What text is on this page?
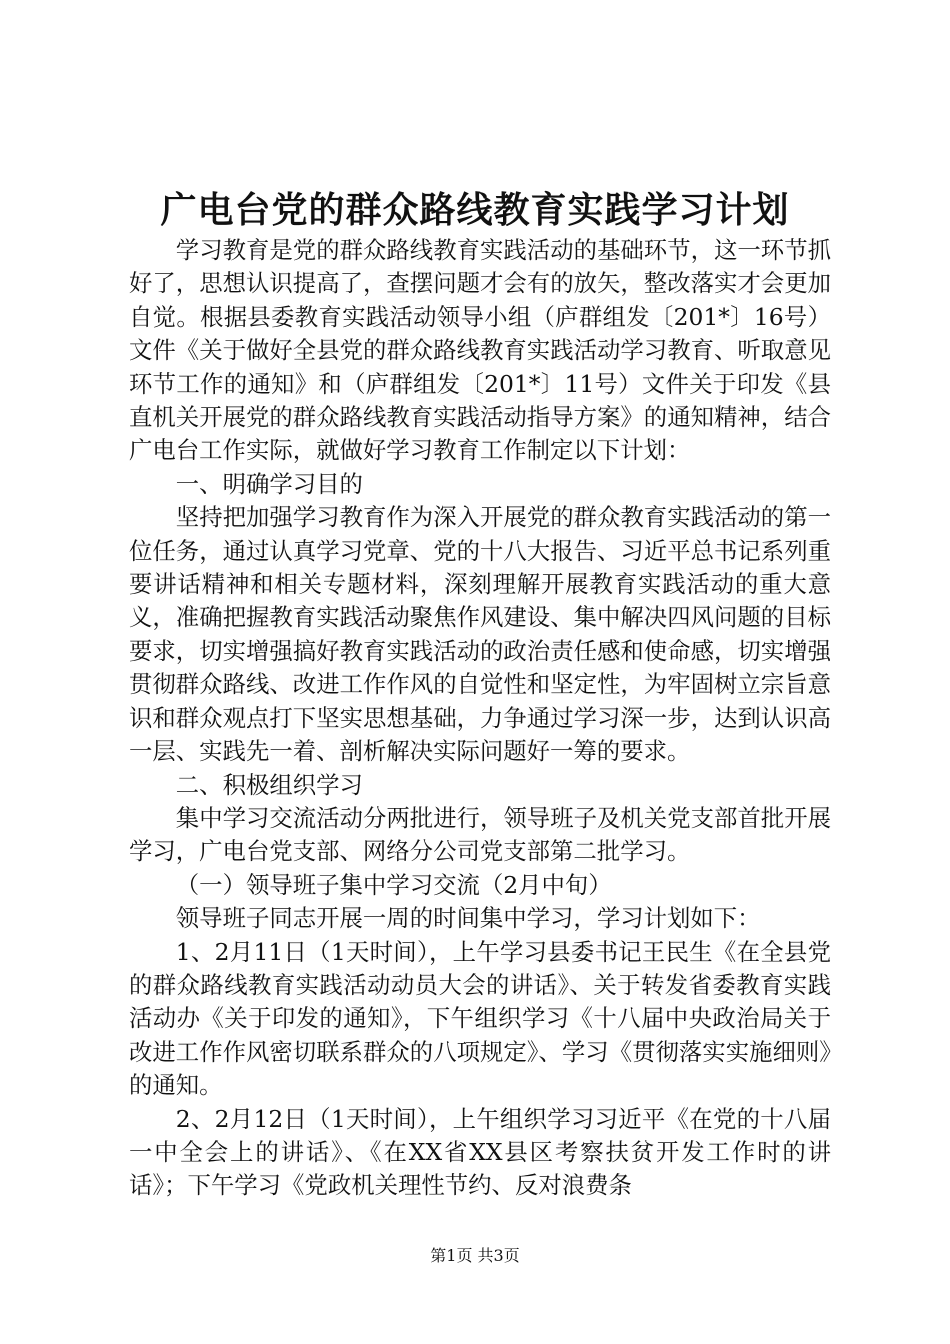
广电台党的群众路线教育实践学习计划

学习教育是党的群众路线教育实践活动的基础环节，这一环节抓好了，思想认识提高了，查摆问题才会有的放矢，整改落实才会更加自觉。根据县委教育实践活动领导小组（庐群组发〔201*〕16号）文件《关于做好全县党的群众路线教育实践活动学习教育、听取意见环节工作的通知》和（庐群组发〔201*〕11号）文件关于印发《县直机关开展党的群众路线教育实践活动指导方案》的通知精神，结合广电台工作实际，就做好学习教育工作制定以下计划：

一、明确学习目的

坚持把加强学习教育作为深入开展党的群众教育实践活动的第一位任务，通过认真学习党章、党的十八大报告、习近平总书记系列重要讲话精神和相关专题材料，深刻理解开展教育实践活动的重大意义，准确把握教育实践活动聚焦作风建设、集中解决四风问题的目标要求，切实增强搞好教育实践活动的政治责任感和使命感，切实增强贯彻群众路线、改进工作作风的自觉性和坚定性，为牢固树立宗旨意识和群众观点打下坚实思想基础，力争通过学习深一步，达到认识高一层、实践先一着、剖析解决实际问题好一筹的要求。

二、积极组织学习

集中学习交流活动分两批进行，领导班子及机关党支部首批开展学习，广电台党支部、网络分公司党支部第二批学习。

（一）领导班子集中学习交流（2月中旬）

领导班子同志开展一周的时间集中学习，学习计划如下：

1、2月11日（1天时间），上午学习县委书记王民生《在全县党的群众路线教育实践活动动员大会的讲话》、关于转发省委教育实践活动办《关于印发的通知》，下午组织学习《十八届中央政治局关于改进工作作风密切联系群众的八项规定》、学习《贯彻落实实施细则》的通知。

2、2月12日（1天时间），上午组织学习习近平《在党的十八届一中全会上的讲话》、《在XX省XX县区考察扶贫开发工作时的讲话》；下午学习《党政机关理性节约、反对浪费条

第1页 共3页
